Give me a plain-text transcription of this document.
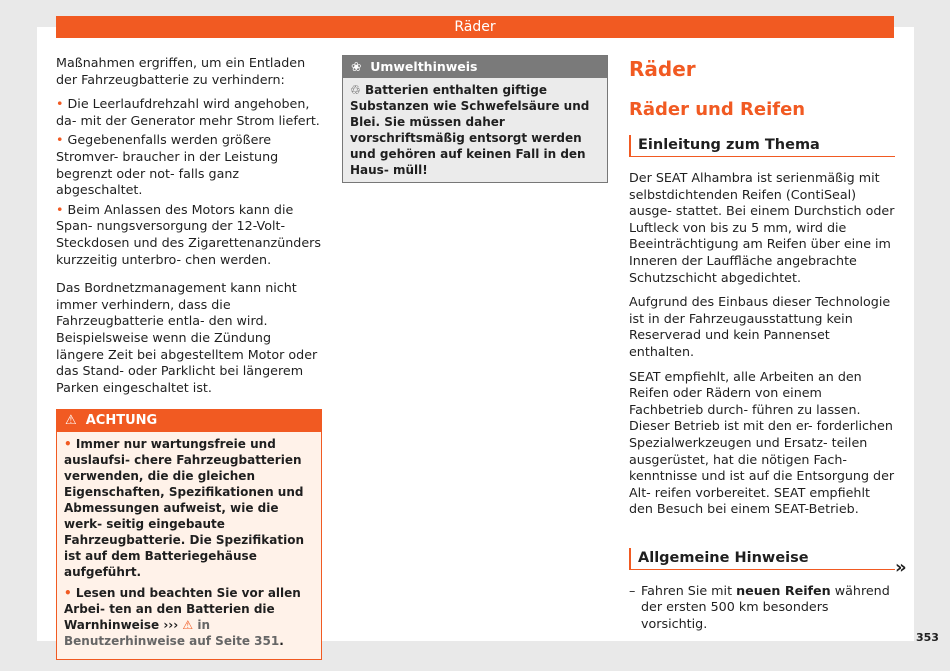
Räder

Maßnahmen ergriffen, um ein Entladen der Fahrzeugbatterie zu verhindern:

• Die Leerlaufdrehzahl wird angehoben, da- mit der Generator mehr Strom liefert.

• Gegebenenfalls werden größere Stromver- braucher in der Leistung begrenzt oder not- falls ganz abgeschaltet.

• Beim Anlassen des Motors kann die Span- nungsversorgung der 12-Volt-Steckdosen und des Zigarettenanzünders kurzzeitig unterbro- chen werden.

Das Bordnetzmanagement kann nicht immer verhindern, dass die Fahrzeugbatterie entla- den wird. Beispielsweise wenn die Zündung längere Zeit bei abgestelltem Motor oder das Stand- oder Parklicht bei längerem Parken eingeschaltet ist.

⚠ ACHTUNG

• Immer nur wartungsfreie und auslaufsi- chere Fahrzeugbatterien verwenden, die die gleichen Eigenschaften, Spezifikationen und Abmessungen aufweist, wie die werk- seitig eingebaute Fahrzeugbatterie. Die Spezifikation ist auf dem Batteriegehäuse aufgeführt.

• Lesen und beachten Sie vor allen Arbei- ten an den Batterien die Warnhinweise ››› ⚠ in Benutzerhinweise auf Seite 351.

❀ Umwelthinweis
♲ Batterien enthalten giftige Substanzen wie Schwefelsäure und Blei. Sie müssen daher vorschriftsmäßig entsorgt werden und gehören auf keinen Fall in den Haus- müll!
Räder
Räder und Reifen
Einleitung zum Thema

Der SEAT Alhambra ist serienmäßig mit selbstdichtenden Reifen (ContiSeal) ausge- stattet. Bei einem Durchstich oder Luftleck von bis zu 5 mm, wird die Beeinträchtigung am Reifen über eine im Inneren der Lauffläche angebrachte Schutzschicht abgedichtet.

Aufgrund des Einbaus dieser Technologie ist in der Fahrzeugausstattung kein Reserverad und kein Pannenset enthalten.

SEAT empfiehlt, alle Arbeiten an den Reifen oder Rädern von einem Fachbetrieb durch- führen zu lassen. Dieser Betrieb ist mit den er- forderlichen Spezialwerkzeugen und Ersatz- teilen ausgerüstet, hat die nötigen Fach- kenntnisse und ist auf die Entsorgung der Alt- reifen vorbereitet. SEAT empfiehlt den Besuch bei einem SEAT-Betrieb.

Allgemeine Hinweise
– Fahren Sie mit neuen Reifen während der ersten 500 km besonders vorsichtig.
»
353
